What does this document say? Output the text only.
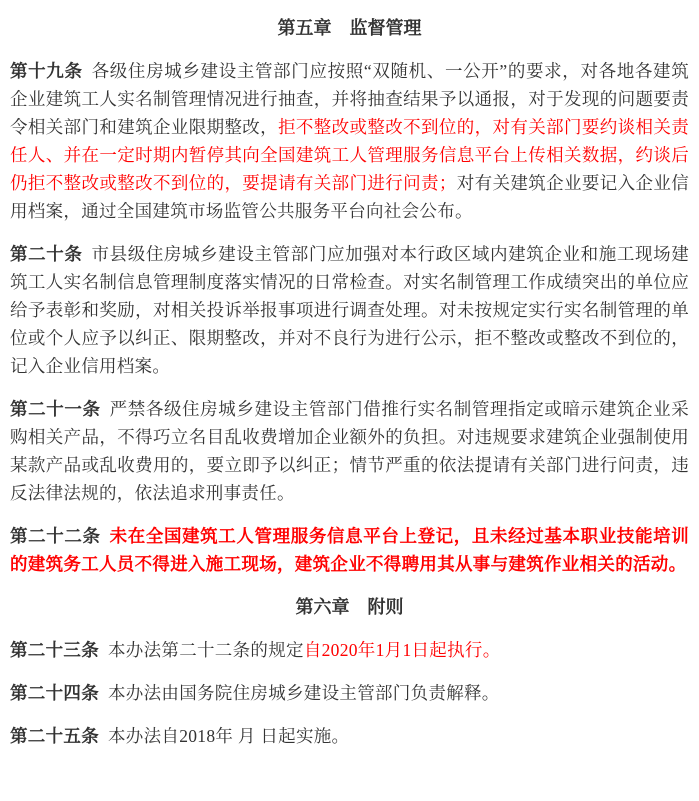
第五章　监督管理

第十九条 各级住房城乡建设主管部门应按照“双随机、一公开”的要求，对各地各建筑企业建筑工人实名制管理情况进行抽查，并将抽查结果予以通报，对于发现的问题要责令相关部门和建筑企业限期整改，拒不整改或整改不到位的，对有关部门要约谈相关责任人、并在一定时期内暂停其向全国建筑工人管理服务信息平台上传相关数据，约谈后仍拒不整改或整改不到位的，要提请有关部门进行问责；对有关建筑企业要记入企业信用档案，通过全国建筑市场监管公共服务平台向社会公布。

第二十条 市县级住房城乡建设主管部门应加强对本行政区域内建筑企业和施工现场建筑工人实名制信息管理制度落实情况的日常检查。对实名制管理工作成绩突出的单位应给予表彰和奖励，对相关投诉举报事项进行调查处理。对未按规定实行实名制管理的单位或个人应予以纠正、限期整改，并对不良行为进行公示，拒不整改或整改不到位的，记入企业信用档案。

第二十一条 严禁各级住房城乡建设主管部门借推行实名制管理指定或暗示建筑企业采购相关产品，不得巧立名目乱收费增加企业额外的负担。对违规要求建筑企业强制使用某款产品或乱收费用的，要立即予以纠正；情节严重的依法提请有关部门进行问责，违反法律法规的，依法追求刑事责任。

第二十二条 未在全国建筑工人管理服务信息平台上登记，且未经过基本职业技能培训的建筑务工人员不得进入施工现场，建筑企业不得聘用其从事与建筑作业相关的活动。

第六章　附则

第二十三条 本办法第二十二条的规定自2020年1月1日起执行。

第二十四条 本办法由国务院住房城乡建设主管部门负责解释。

第二十五条 本办法自2018年 月 日起实施。
